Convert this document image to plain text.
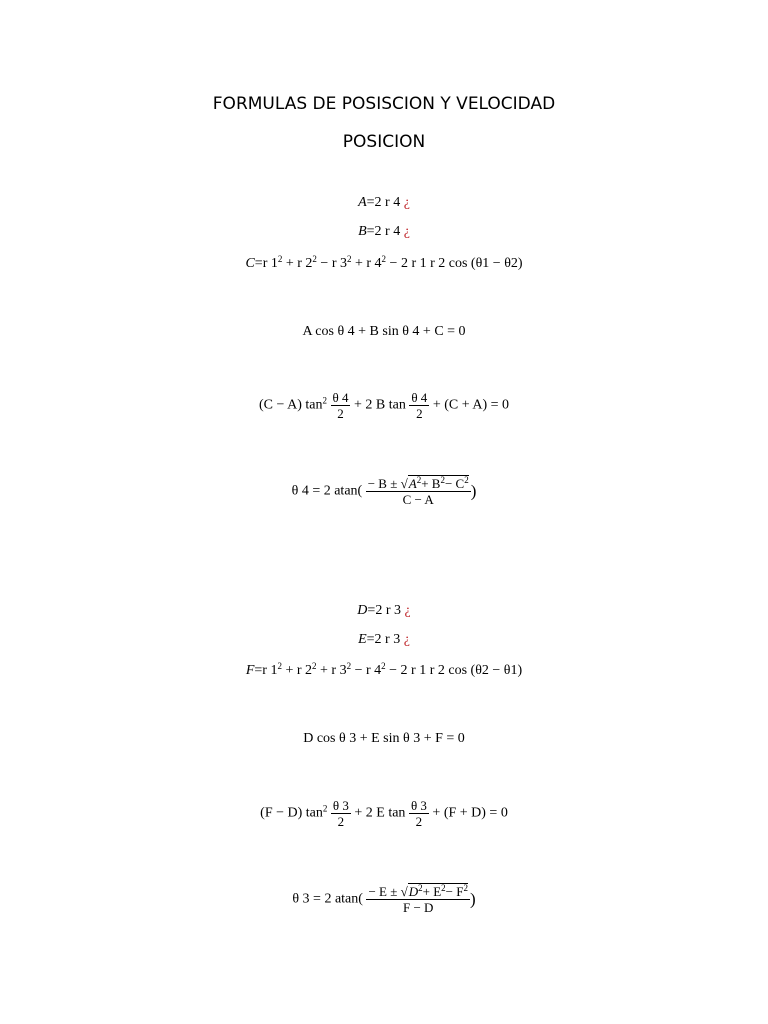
FORMULAS DE POSISCION Y VELOCIDAD
POSICION
A=2 r 4 ¿
B=2 r 4 ¿
C=r $1^2 + r$ $2^2 - r$ $3^2 + r$ $4^2 - 2$ r 1 r 2 cos (θ1 − θ2)
A cos θ 4 + B sin θ 4 + C = 0
(C − A) $\tan^2 \frac{\theta 4}{2} + 2$ B $\tan \frac{\theta 4}{2} + (C + A) = 0$
θ 4 = 2 $atan( \frac{- B \pm √A^2+ B^2- C^2}{C - A}$ )
D=2 r 3 ¿
E=2 r 3 ¿
F=r $1^2 + r$ $2^2 + r$ $3^2 - r$ $4^2 - 2$ r 1 r 2 cos (θ2 − θ1)
D cos θ 3 + E sin θ 3 + F = 0
(F − D) $\tan^2 \frac{\theta 3}{2} + 2$ E $\tan \frac{\theta 3}{2} + (F + D) = 0$
θ 3 = 2 $atan( \frac{- E \pm √D^2+ E^2- F^2}{F - D}$ )
